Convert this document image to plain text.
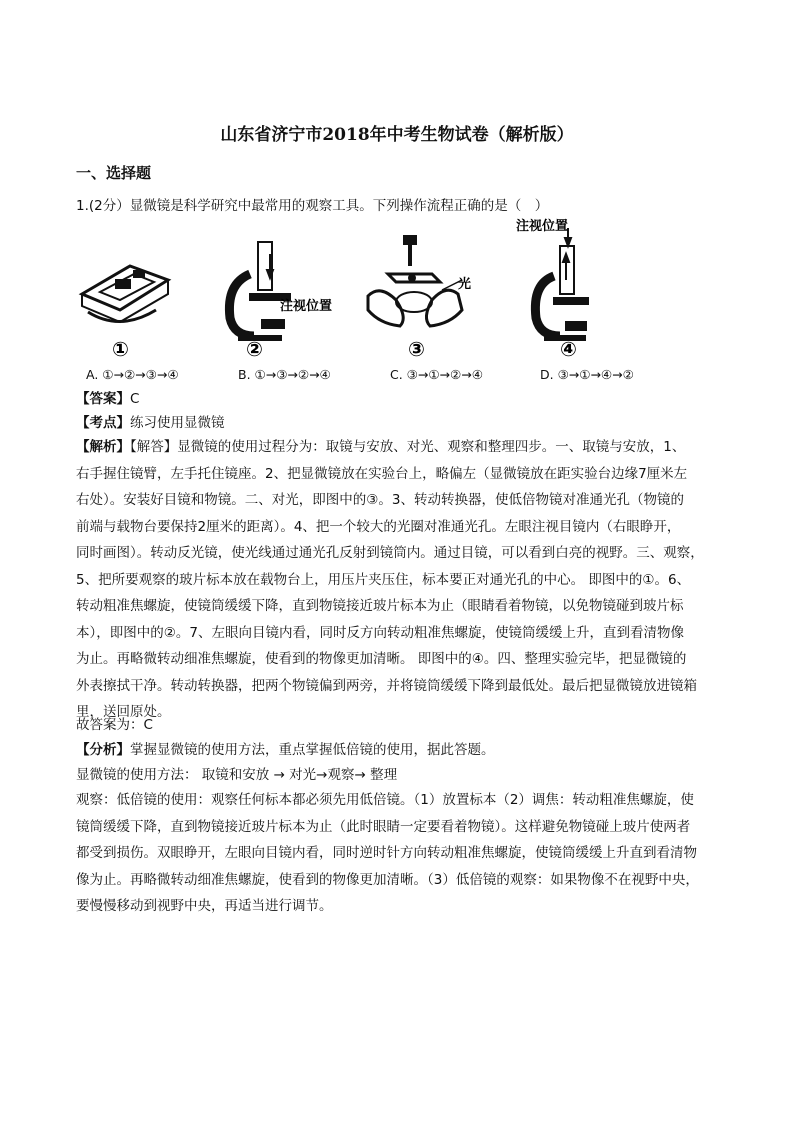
山东省济宁市2018年中考生物试卷（解析版）
一、选择题
1.(2分）显微镜是科学研究中最常用的观察工具。下列操作流程正确的是（　）
①
注视位置
②
光
③
注视位置
④
A. ①→②→③→④	B. ①→③→②→④	C. ③→①→②→④	D. ③→①→④→②
【答案】C
【考点】练习使用显微镜
【解析】【解答】显微镜的使用过程分为：取镜与安放、对光、观察和整理四步。一、取镜与安放，1、
右手握住镜臂，左手托住镜座。2、把显微镜放在实验台上，略偏左（显微镜放在距实验台边缘7厘米左
右处）。安装好目镜和物镜。二、对光，即图中的③。3、转动转换器，使低倍物镜对准通光孔（物镜的
前端与载物台要保持2厘米的距离）。4、把一个较大的光圈对准通光孔。左眼注视目镜内（右眼睁开，
同时画图）。转动反光镜，使光线通过通光孔反射到镜筒内。通过目镜，可以看到白亮的视野。三、观察，
5、把所要观察的玻片标本放在载物台上，用压片夹压住，标本要正对通光孔的中心。 即图中的①。6、
转动粗准焦螺旋，使镜筒缓缓下降，直到物镜接近玻片标本为止（眼睛看着物镜，以免物镜碰到玻片标
本），即图中的②。7、左眼向目镜内看，同时反方向转动粗准焦螺旋，使镜筒缓缓上升，直到看清物像
为止。再略微转动细准焦螺旋，使看到的物像更加清晰。 即图中的④。四、整理实验完毕，把显微镜的
外表擦拭干净。转动转换器，把两个物镜偏到两旁，并将镜筒缓缓下降到最低处。最后把显微镜放进镜箱
里，送回原处。
故答案为：C
【分析】掌握显微镜的使用方法，重点掌握低倍镜的使用，据此答题。
显微镜的使用方法： 取镜和安放 → 对光→观察→ 整理
观察：低倍镜的使用：观察任何标本都必须先用低倍镜。（1）放置标本（2）调焦：转动粗准焦螺旋，使
镜筒缓缓下降，直到物镜接近玻片标本为止（此时眼睛一定要看着物镜）。这样避免物镜碰上玻片使两者
都受到损伤。双眼睁开，左眼向目镜内看，同时逆时针方向转动粗准焦螺旋，使镜筒缓缓上升直到看清物
像为止。再略微转动细准焦螺旋，使看到的物像更加清晰。（3）低倍镜的观察：如果物像不在视野中央，
要慢慢移动到视野中央，再适当进行调节。
